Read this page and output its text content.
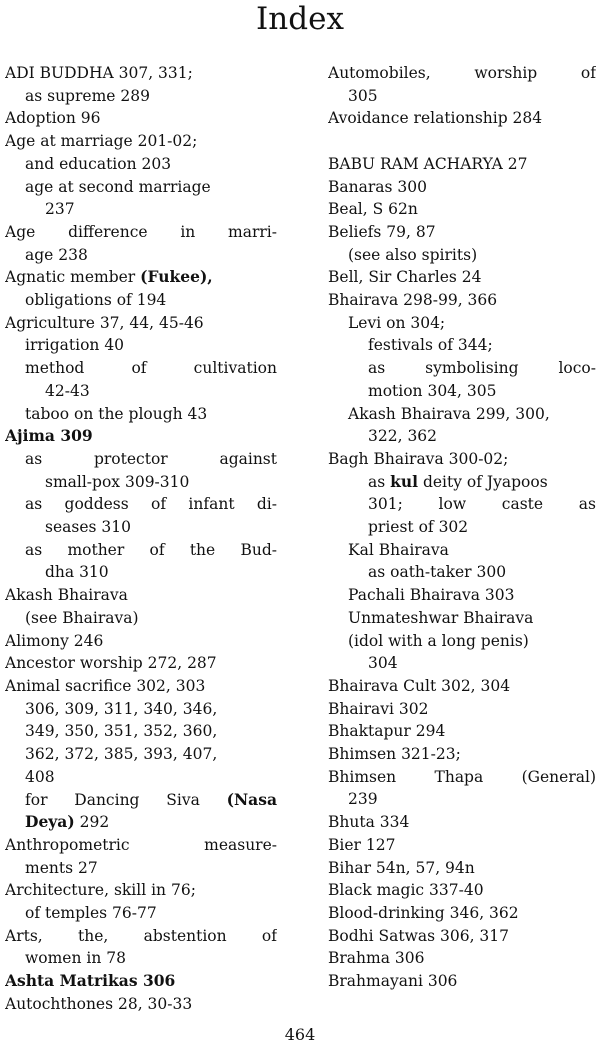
Index
ADI BUDDHA 307, 331;
as supreme 289
Adoption 96
Age at marriage 201-02;
and education 203
age at second marriage
237
Age difference in marri-
age 238
Agnatic member (Fukee),
obligations of 194
Agriculture 37, 44, 45-46
irrigation 40
method of cultivation
42-43
taboo on the plough 43
Ajima 309
as protector against
small-pox 309-310
as goddess of infant di-
seases 310
as mother of the Bud-
dha 310
Akash Bhairava
(see Bhairava)
Alimony 246
Ancestor worship 272, 287
Animal sacrifice 302, 303
306, 309, 311, 340, 346,
349, 350, 351, 352, 360,
362, 372, 385, 393, 407,
408
for Dancing Siva (Nasa
Deya) 292
Anthropometric measure-
ments 27
Architecture, skill in 76;
of temples 76-77
Arts, the, abstention of
women in 78
Ashta Matrikas 306
Autochthones 28, 30-33
Automobiles, worship of
305
Avoidance relationship 284
BABU RAM ACHARYA 27
Banaras 300
Beal, S 62n
Beliefs 79, 87
(see also spirits)
Bell, Sir Charles 24
Bhairava 298-99, 366
Levi on 304;
festivals of 344;
as symbolising loco-
motion 304, 305
Akash Bhairava 299, 300,
322, 362
Bagh Bhairava 300-02;
as kul deity of Jyapoos
301; low caste as
priest of 302
Kal Bhairava
as oath-taker 300
Pachali Bhairava 303
Unmateshwar Bhairava
(idol with a long penis)
304
Bhairava Cult 302, 304
Bhairavi 302
Bhaktapur 294
Bhimsen 321-23;
Bhimsen Thapa (General)
239
Bhuta 334
Bier 127
Bihar 54n, 57, 94n
Black magic 337-40
Blood-drinking 346, 362
Bodhi Satwas 306, 317
Brahma 306
Brahmayani 306
464
